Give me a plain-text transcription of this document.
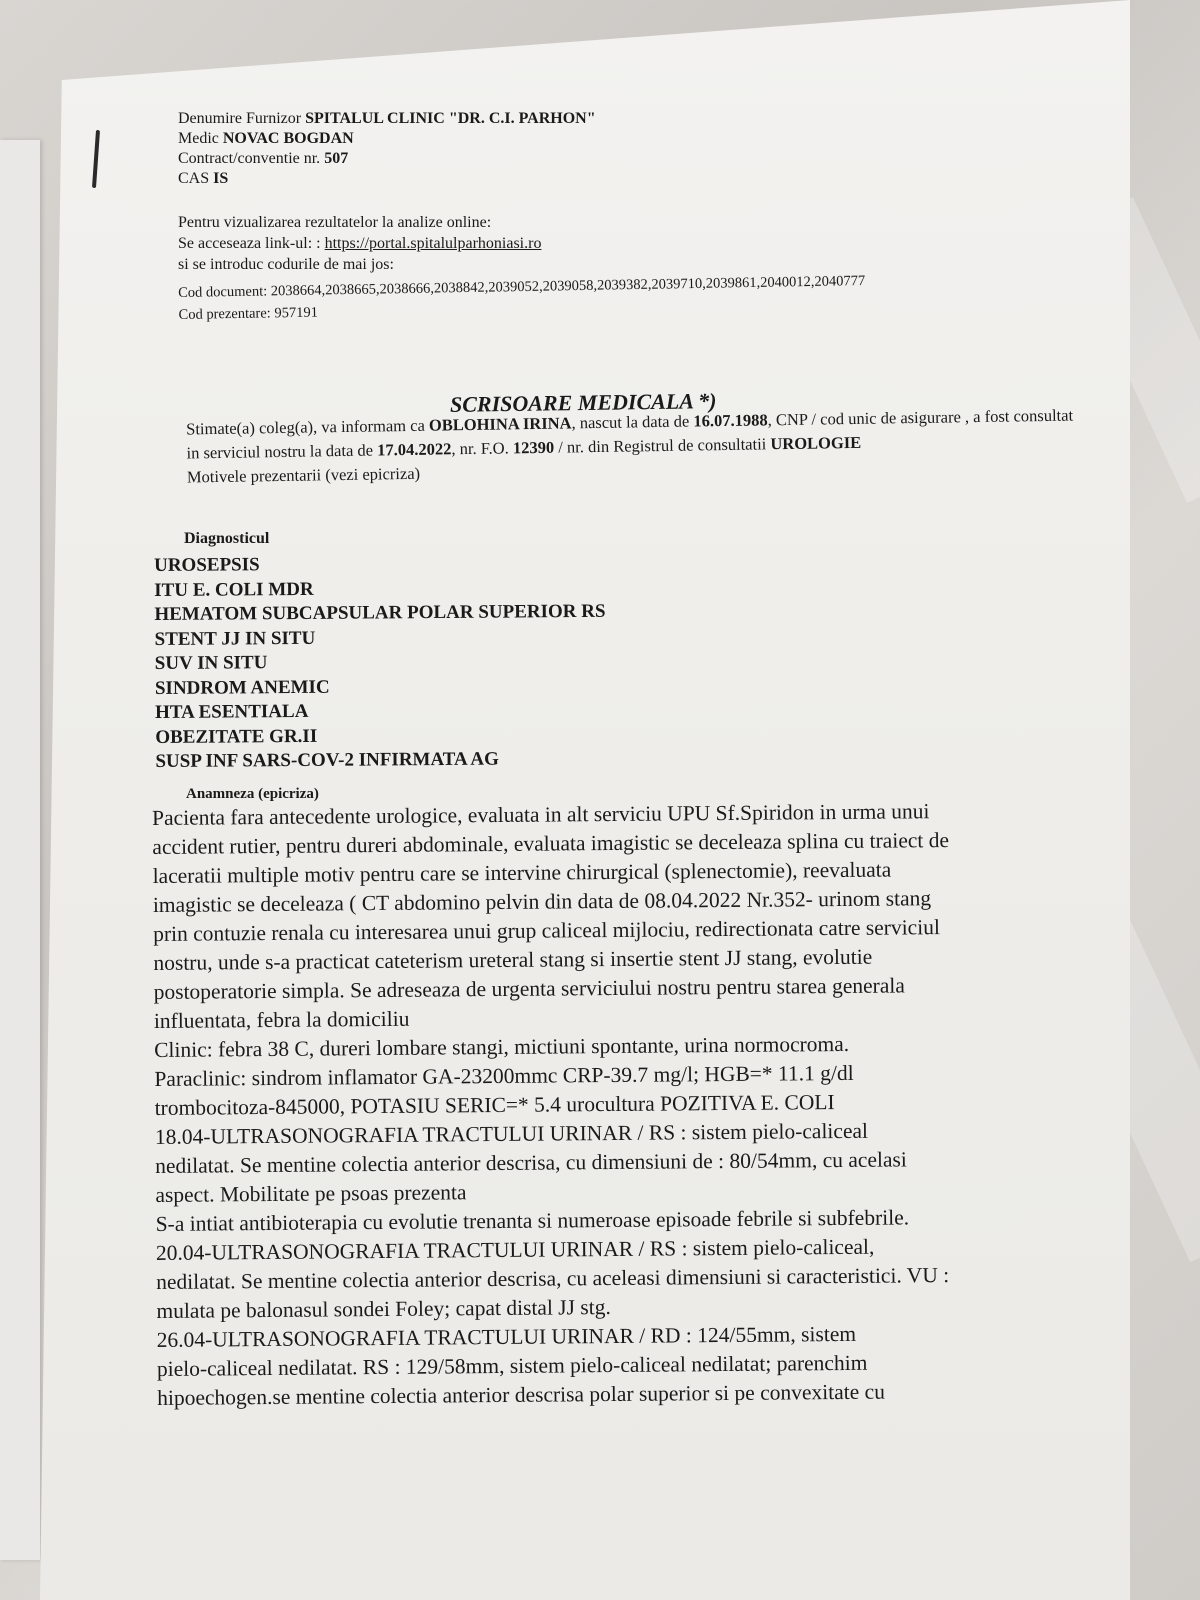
Denumire Furnizor SPITALUL CLINIC "DR. C.I. PARHON"
Medic NOVAC BOGDAN
Contract/conventie nr. 507
CAS IS
Pentru vizualizarea rezultatelor la analize online:
Se acceseaza link-ul: : https://portal.spitalulparhoniasi.ro
si se introduc codurile de mai jos:
Cod document: 2038664,2038665,2038666,2038842,2039052,2039058,2039382,2039710,2039861,2040012,2040777
Cod prezentare: 957191
SCRISOARE MEDICALA *)

Stimate(a) coleg(a), va informam ca OBLOHINA IRINA, nascut la data de 16.07.1988, CNP / cod unic de asigurare , a fost consultat in serviciul nostru la data de 17.04.2022, nr. F.O. 12390 / nr. din Registrul de consultatii UROLOGIE

Motivele prezentarii (vezi epicriza)

Diagnosticul
UROSEPSIS
ITU E. COLI MDR
HEMATOM SUBCAPSULAR POLAR SUPERIOR RS
STENT JJ IN SITU
SUV IN SITU
SINDROM ANEMIC
HTA ESENTIALA
OBEZITATE GR.II
SUSP INF SARS-COV-2 INFIRMATA AG
Anamneza (epicriza)
Pacienta fara antecedente urologice, evaluata in alt serviciu UPU Sf.Spiridon in urma unui
accident rutier, pentru dureri abdominale, evaluata imagistic se deceleaza splina cu traiect de
laceratii multiple motiv pentru care se intervine chirurgical (splenectomie), reevaluata
imagistic se deceleaza ( CT abdomino pelvin din data de 08.04.2022 Nr.352- urinom stang
prin contuzie renala cu interesarea unui grup caliceal mijlociu, redirectionata catre serviciul
nostru, unde s-a practicat cateterism ureteral stang si insertie stent JJ stang, evolutie
postoperatorie simpla. Se adreseaza de urgenta serviciului nostru pentru starea generala
influentata, febra la domiciliu
Clinic: febra 38 C, dureri lombare stangi, mictiuni spontante, urina normocroma.
Paraclinic: sindrom inflamator GA-23200mmc CRP-39.7 mg/l; HGB=* 11.1 g/dl
trombocitoza-845000, POTASIU SERIC=* 5.4 urocultura POZITIVA E. COLI
18.04-ULTRASONOGRAFIA TRACTULUI URINAR / RS : sistem pielo-caliceal
nedilatat. Se mentine colectia anterior descrisa, cu dimensiuni de : 80/54mm, cu acelasi
aspect. Mobilitate pe psoas prezenta
S-a intiat antibioterapia cu evolutie trenanta si numeroase episoade febrile si subfebrile.
20.04-ULTRASONOGRAFIA TRACTULUI URINAR / RS : sistem pielo-caliceal,
nedilatat. Se mentine colectia anterior descrisa, cu aceleasi dimensiuni si caracteristici. VU :
mulata pe balonasul sondei Foley; capat distal JJ stg.
26.04-ULTRASONOGRAFIA TRACTULUI URINAR / RD : 124/55mm, sistem
pielo-caliceal nedilatat. RS : 129/58mm, sistem pielo-caliceal nedilatat; parenchim
hipoechogen.se mentine colectia anterior descrisa polar superior si pe convexitate cu
